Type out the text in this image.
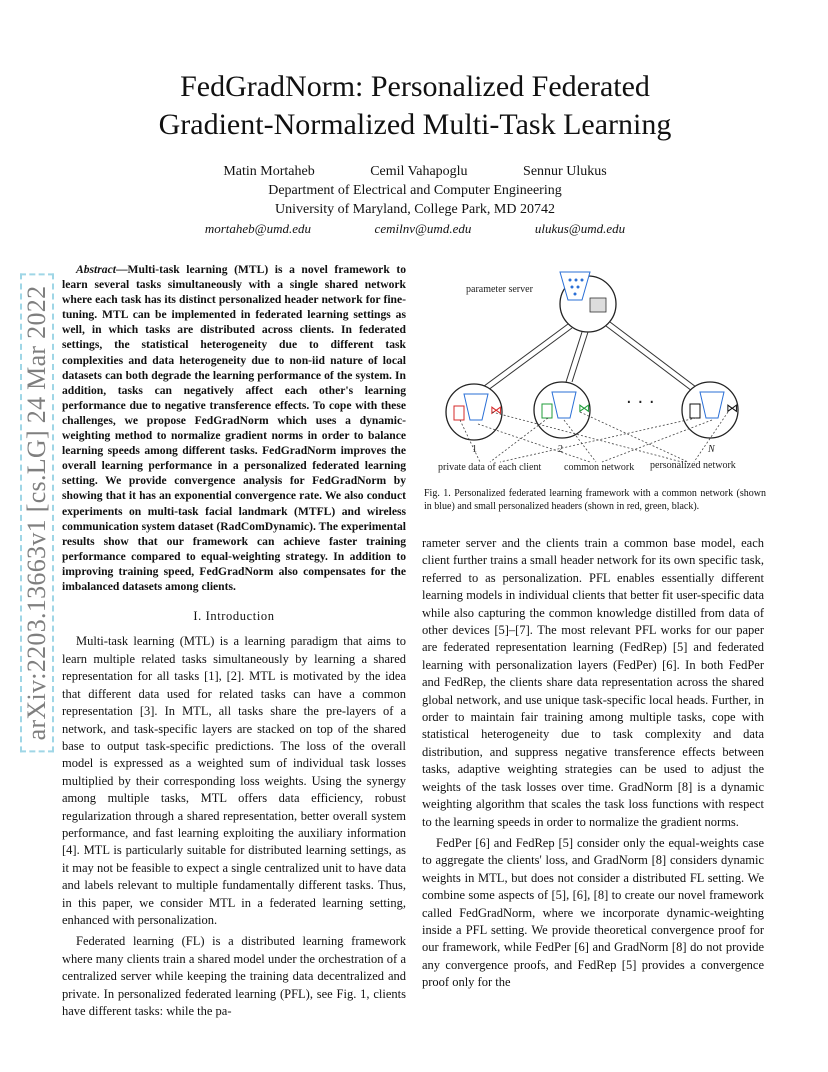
arXiv:2203.13663v1 [cs.LG] 24 Mar 2022
FedGradNorm: Personalized Federated
Gradient-Normalized Multi-Task Learning
Matin Mortaheb	Cemil Vahapoglu	Sennur Ulukus
Department of Electrical and Computer Engineering
University of Maryland, College Park, MD 20742
mortaheb@umd.edu	cemilnv@umd.edu	ulukus@umd.edu

Abstract—Multi-task learning (MTL) is a novel framework to learn several tasks simultaneously with a single shared network where each task has its distinct personalized header network for fine-tuning. MTL can be implemented in federated learning settings as well, in which tasks are distributed across clients. In federated settings, the statistical heterogeneity due to different task complexities and data heterogeneity due to non-iid nature of local datasets can both degrade the learning performance of the system. In addition, tasks can negatively affect each other's learning performance due to negative transference effects. To cope with these challenges, we propose FedGradNorm which uses a dynamic-weighting method to normalize gradient norms in order to balance learning speeds among different tasks. FedGradNorm improves the overall learning performance in a personalized federated learning setting. We provide convergence analysis for FedGradNorm by showing that it has an exponential convergence rate. We also conduct experiments on multi-task facial landmark (MTFL) and wireless communication system dataset (RadComDynamic). The experimental results show that our framework can achieve faster training performance compared to equal-weighting strategy. In addition to improving training speed, FedGradNorm also compensates for the imbalanced datasets among clients.

I. Introduction

Multi-task learning (MTL) is a learning paradigm that aims to learn multiple related tasks simultaneously by learning a shared representation for all tasks [1], [2]. MTL is motivated by the idea that different data used for related tasks can have a common representation [3]. In MTL, all tasks share the pre-layers of a network, and task-specific layers are stacked on top of the shared base to output task-specific predictions. The loss of the overall model is expressed as a weighted sum of individual task losses multiplied by their corresponding loss weights. Using the synergy among multiple tasks, MTL offers data efficiency, robust regularization through a shared representation, better overall system performance, and fast learning exploiting the auxiliary information [4]. MTL is particularly suitable for distributed learning settings, as it may not be feasible to expect a single centralized unit to have data and labels relevant to multiple fundamentally different tasks. Thus, in this paper, we consider MTL in a federated learning setting, enhanced with personalization.

Federated learning (FL) is a distributed learning framework where many clients train a shared model under the orchestration of a centralized server while keeping the training data decentralized and private. In personalized federated learning (PFL), see Fig. 1, clients have different tasks: while the pa-

parameter server
⋈	⋈	⋈
· · ·
1	2	N
private data of each client common network personalized network
Fig. 1. Personalized federated learning framework with a common network (shown in blue) and small personalized headers (shown in red, green, black).

rameter server and the clients train a common base model, each client further trains a small header network for its own specific task, referred to as personalization. PFL enables essentially different learning models in individual clients that better fit user-specific data while also capturing the common knowledge distilled from data of other devices [5]–[7]. The most relevant PFL works for our paper are federated representation learning (FedRep) [5] and federated learning with personalization layers (FedPer) [6]. In both FedPer and FedRep, the clients share data representation across the shared global network, and use unique task-specific local heads. Further, in order to maintain fair training among multiple tasks, cope with statistical heterogeneity due to task complexity and data distribution, and suppress negative transference effects between tasks, adaptive weighting strategies can be used to adjust the weights of the task losses over time. GradNorm [8] is a dynamic weighting algorithm that scales the task loss functions with respect to the learning speeds in order to normalize the gradient norms.

FedPer [6] and FedRep [5] consider only the equal-weights case to aggregate the clients' loss, and GradNorm [8] considers dynamic weights in MTL, but does not consider a distributed FL setting. We combine some aspects of [5], [6], [8] to create our novel framework called FedGradNorm, where we incorporate dynamic-weighting inside a PFL setting. We provide theoretical convergence proof for our framework, while FedPer [6] and GradNorm [8] do not provide any convergence proofs, and FedRep [5] provides a convergence proof only for the
